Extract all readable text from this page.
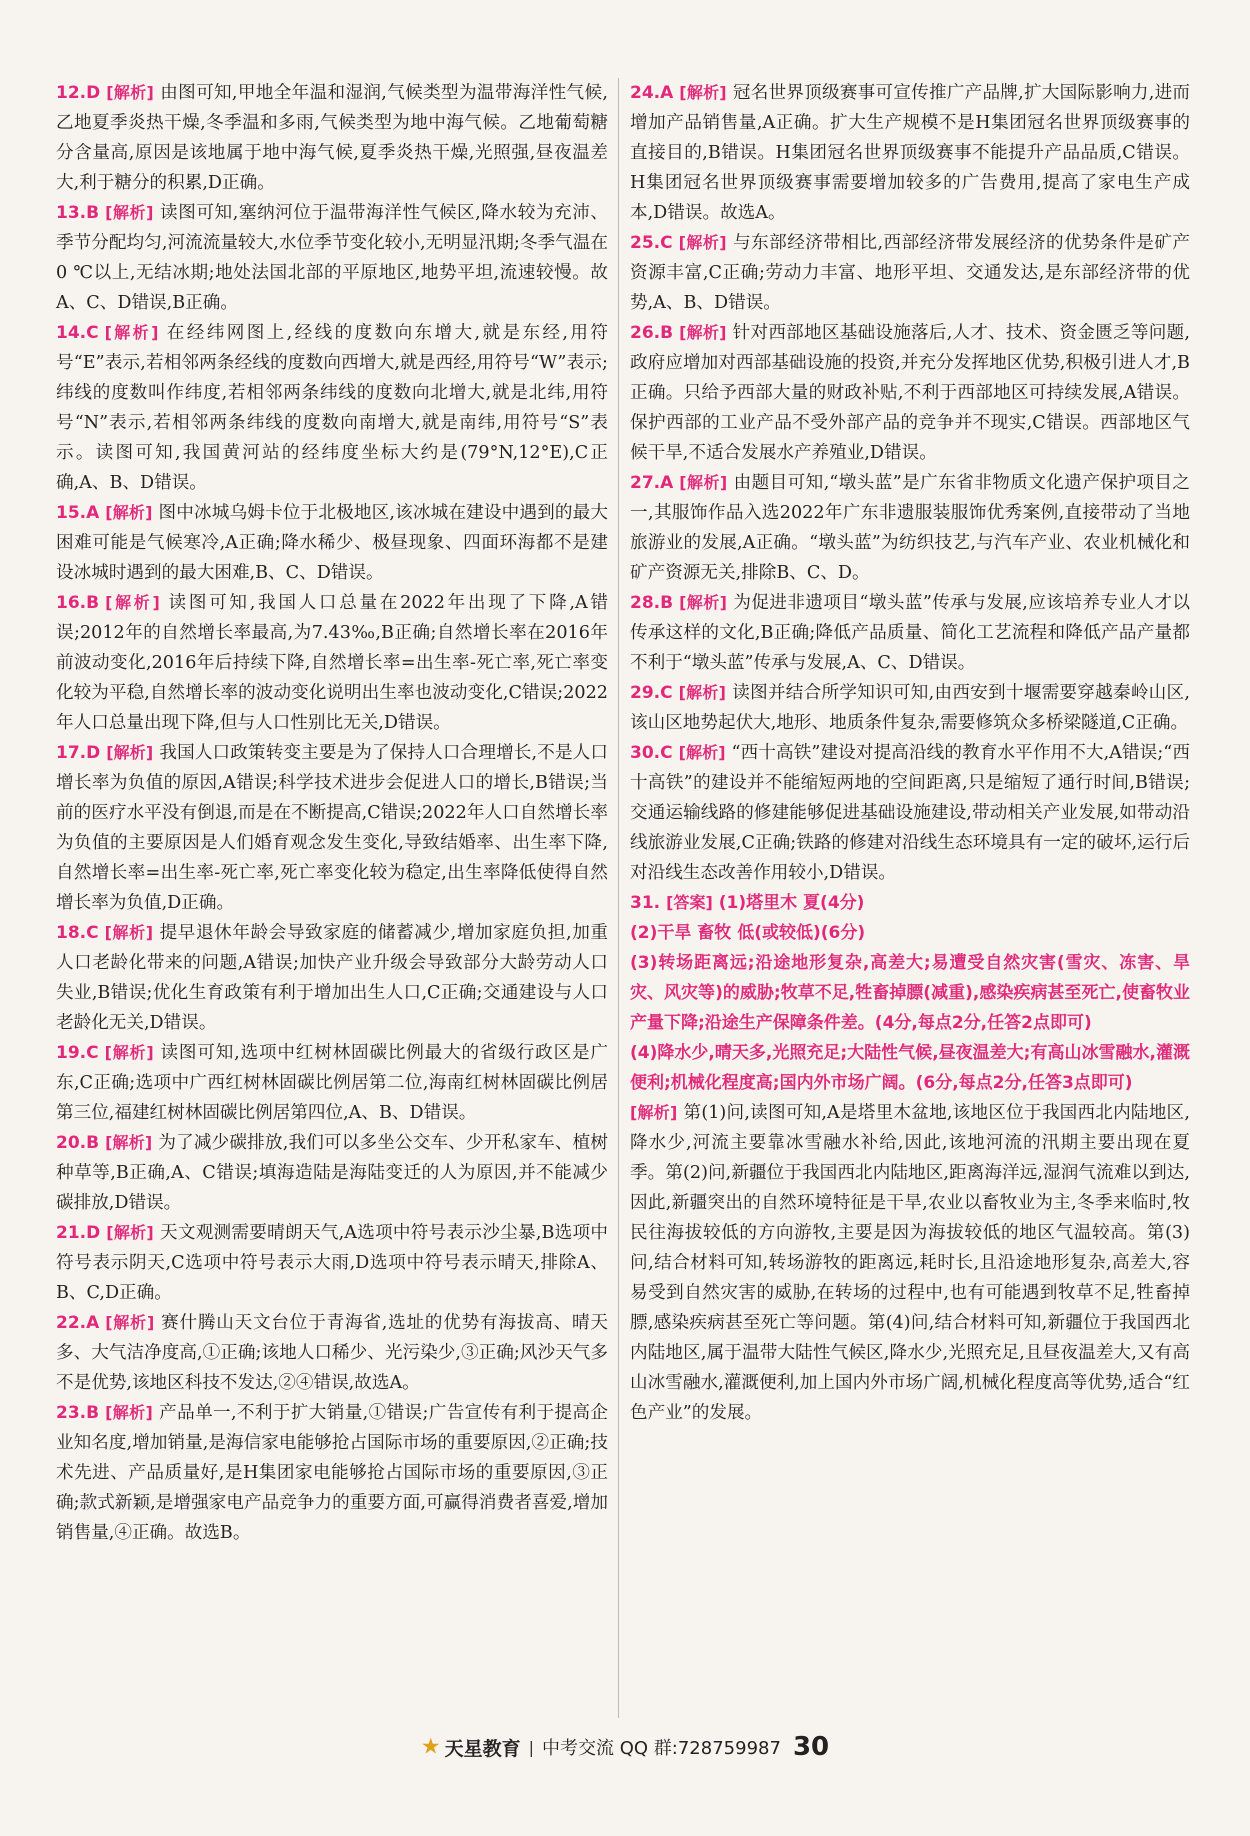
12.D [解析] 由图可知,甲地全年温和湿润,气候类型为温带海洋性气候,乙地夏季炎热干燥,冬季温和多雨,气候类型为地中海气候。乙地葡萄糖分含量高,原因是该地属于地中海气候,夏季炎热干燥,光照强,昼夜温差大,利于糖分的积累,D正确。
13.B [解析] 读图可知,塞纳河位于温带海洋性气候区,降水较为充沛、季节分配均匀,河流流量较大,水位季节变化较小,无明显汛期;冬季气温在0 ℃以上,无结冰期;地处法国北部的平原地区,地势平坦,流速较慢。故A、C、D错误,B正确。
14.C [解析] 在经纬网图上,经线的度数向东增大,就是东经,用符号“E”表示,若相邻两条经线的度数向西增大,就是西经,用符号“W”表示;纬线的度数叫作纬度,若相邻两条纬线的度数向北增大,就是北纬,用符号“N”表示,若相邻两条纬线的度数向南增大,就是南纬,用符号“S”表示。读图可知,我国黄河站的经纬度坐标大约是(79°N,12°E),C正确,A、B、D错误。
15.A [解析] 图中冰城乌姆卡位于北极地区,该冰城在建设中遇到的最大困难可能是气候寒冷,A正确;降水稀少、极昼现象、四面环海都不是建设冰城时遇到的最大困难,B、C、D错误。
16.B [解析] 读图可知,我国人口总量在2022年出现了下降,A错误;2012年的自然增长率最高,为7.43‰,B正确;自然增长率在2016年前波动变化,2016年后持续下降,自然增长率=出生率-死亡率,死亡率变化较为平稳,自然增长率的波动变化说明出生率也波动变化,C错误;2022年人口总量出现下降,但与人口性别比无关,D错误。
17.D [解析] 我国人口政策转变主要是为了保持人口合理增长,不是人口增长率为负值的原因,A错误;科学技术进步会促进人口的增长,B错误;当前的医疗水平没有倒退,而是在不断提高,C错误;2022年人口自然增长率为负值的主要原因是人们婚育观念发生变化,导致结婚率、出生率下降,自然增长率=出生率-死亡率,死亡率变化较为稳定,出生率降低使得自然增长率为负值,D正确。
18.C [解析] 提早退休年龄会导致家庭的储蓄减少,增加家庭负担,加重人口老龄化带来的问题,A错误;加快产业升级会导致部分大龄劳动人口失业,B错误;优化生育政策有利于增加出生人口,C正确;交通建设与人口老龄化无关,D错误。
19.C [解析] 读图可知,选项中红树林固碳比例最大的省级行政区是广东,C正确;选项中广西红树林固碳比例居第二位,海南红树林固碳比例居第三位,福建红树林固碳比例居第四位,A、B、D错误。
20.B [解析] 为了减少碳排放,我们可以多坐公交车、少开私家车、植树种草等,B正确,A、C错误;填海造陆是海陆变迁的人为原因,并不能减少碳排放,D错误。
21.D [解析] 天文观测需要晴朗天气,A选项中符号表示沙尘暴,B选项中符号表示阴天,C选项中符号表示大雨,D选项中符号表示晴天,排除A、B、C,D正确。
22.A [解析] 赛什腾山天文台位于青海省,选址的优势有海拔高、晴天多、大气洁净度高,①正确;该地人口稀少、光污染少,③正确;风沙天气多不是优势,该地区科技不发达,②④错误,故选A。
23.B [解析] 产品单一,不利于扩大销量,①错误;广告宣传有利于提高企业知名度,增加销量,是海信家电能够抢占国际市场的重要原因,②正确;技术先进、产品质量好,是H集团家电能够抢占国际市场的重要原因,③正确;款式新颖,是增强家电产品竞争力的重要方面,可赢得消费者喜爱,增加销售量,④正确。故选B。
24.A [解析] 冠名世界顶级赛事可宣传推广产品牌,扩大国际影响力,进而增加产品销售量,A正确。扩大生产规模不是H集团冠名世界顶级赛事的直接目的,B错误。H集团冠名世界顶级赛事不能提升产品品质,C错误。H集团冠名世界顶级赛事需要增加较多的广告费用,提高了家电生产成本,D错误。故选A。
25.C [解析] 与东部经济带相比,西部经济带发展经济的优势条件是矿产资源丰富,C正确;劳动力丰富、地形平坦、交通发达,是东部经济带的优势,A、B、D错误。
26.B [解析] 针对西部地区基础设施落后,人才、技术、资金匮乏等问题,政府应增加对西部基础设施的投资,并充分发挥地区优势,积极引进人才,B正确。只给予西部大量的财政补贴,不利于西部地区可持续发展,A错误。保护西部的工业产品不受外部产品的竞争并不现实,C错误。西部地区气候干旱,不适合发展水产养殖业,D错误。
27.A [解析] 由题目可知,“墩头蓝”是广东省非物质文化遗产保护项目之一,其服饰作品入选2022年广东非遗服装服饰优秀案例,直接带动了当地旅游业的发展,A正确。“墩头蓝”为纺织技艺,与汽车产业、农业机械化和矿产资源无关,排除B、C、D。
28.B [解析] 为促进非遗项目“墩头蓝”传承与发展,应该培养专业人才以传承这样的文化,B正确;降低产品质量、简化工艺流程和降低产品产量都不利于“墩头蓝”传承与发展,A、C、D错误。
29.C [解析] 读图并结合所学知识可知,由西安到十堰需要穿越秦岭山区,该山区地势起伏大,地形、地质条件复杂,需要修筑众多桥梁隧道,C正确。
30.C [解析] “西十高铁”建设对提高沿线的教育水平作用不大,A错误;“西十高铁”的建设并不能缩短两地的空间距离,只是缩短了通行时间,B错误;交通运输线路的修建能够促进基础设施建设,带动相关产业发展,如带动沿线旅游业发展,C正确;铁路的修建对沿线生态环境具有一定的破坏,运行后对沿线生态改善作用较小,D错误。
31. [答案] (1)塔里木 夏(4分)
(2)干旱 畜牧 低(或较低)(6分)
(3)转场距离远;沿途地形复杂,高差大;易遭受自然灾害(雪灾、冻害、旱灾、风灾等)的威胁;牧草不足,牲畜掉膘(减重),感染疾病甚至死亡,使畜牧业产量下降;沿途生产保障条件差。(4分,每点2分,任答2点即可)
(4)降水少,晴天多,光照充足;大陆性气候,昼夜温差大;有高山冰雪融水,灌溉便利;机械化程度高;国内外市场广阔。(6分,每点2分,任答3点即可)
[解析] 第(1)问,读图可知,A是塔里木盆地,该地区位于我国西北内陆地区,降水少,河流主要靠冰雪融水补给,因此,该地河流的汛期主要出现在夏季。第(2)问,新疆位于我国西北内陆地区,距离海洋远,湿润气流难以到达,因此,新疆突出的自然环境特征是干旱,农业以畜牧业为主,冬季来临时,牧民往海拔较低的方向游牧,主要是因为海拔较低的地区气温较高。第(3)问,结合材料可知,转场游牧的距离远,耗时长,且沿途地形复杂,高差大,容易受到自然灾害的威胁,在转场的过程中,也有可能遇到牧草不足,牲畜掉膘,感染疾病甚至死亡等问题。第(4)问,结合材料可知,新疆位于我国西北内陆地区,属于温带大陆性气候区,降水少,光照充足,且昼夜温差大,又有高山冰雪融水,灌溉便利,加上国内外市场广阔,机械化程度高等优势,适合“红色产业”的发展。
★ 天星教育 | 中考交流 QQ 群:728759987 30
